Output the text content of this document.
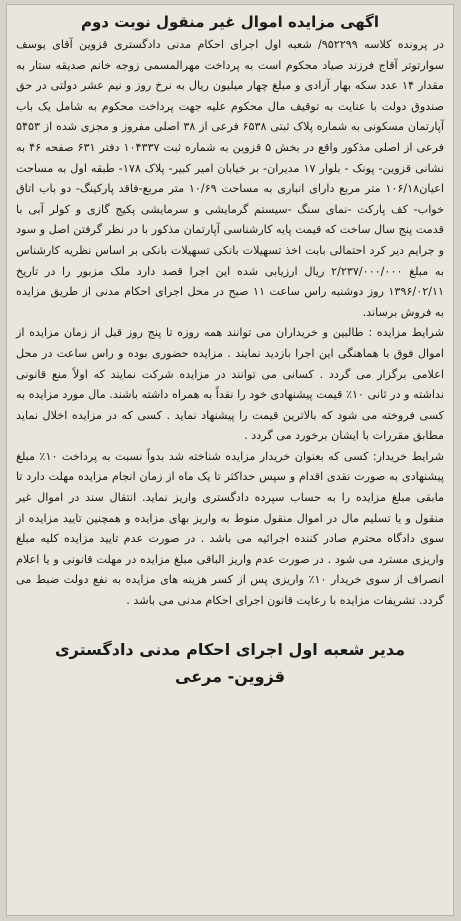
اگهی مزایده اموال غیر منقول نوبت دوم

در پرونده کلاسه ۹۵۲۲۹۹/ شعبه اول اجرای احکام مدنی دادگستری قزوین آقای یوسف سوارتوتر آقاج فرزند صیاد محکوم است به پرداخت مهرالمسمی زوجه خانم صدیقه ستار به مقدار ۱۴ عدد سکه بهار آزادی و مبلغ چهار میلیون ریال به نرخ روز و نیم عشر دولتی در حق صندوق دولت با عنایت به توقیف مال محکوم علیه جهت پرداخت محکوم به شامل یک باب آپارتمان مسکونی به شماره پلاک ثبتی ۶۵۳۸ فرعی از ۳۸ اصلی مفروز و مجزی شده از ۵۴۵۳ فرعی از اصلی مذکور واقع در بخش ۵ قزوین به شماره ثبت ۱۰۴۳۳۷ دفتر ۶۳۱ صفحه ۴۶ به نشانی قزوین- پونک - بلوار ۱۷ مدیران- بر خیابان امیر کبیر- پلاک ۱۷۸- طبقه اول به مساحت اعیان۱۰۶/۱۸ متر مربع دارای انباری به مساحت ۱۰/۶۹ متر مربع-فاقد پارکینگ- دو باب اتاق خواب- کف پارکت -نمای سنگ -سیستم گرمایشی و سرمایشی پکیج گازی و کولر آبی با قدمت پنج سال ساخت که قیمت پایه کارشناسی آپارتمان مذکور با در نظر گرفتن اصل و سود و جرایم دیر کرد احتمالی بابت اخذ تسهیلات بانکی تسهیلات بانکی بر اساس نظریه کارشناس به مبلغ ۲/۲۳۷/۰۰۰/۰۰۰ ریال ارزیابی شده این اجرا قصد دارد ملک مزبور را در تاریخ ۱۳۹۶/۰۲/۱۱ روز دوشنبه راس ساعت ۱۱ صبح در محل اجرای احکام مدنی از طریق مزایده به فروش برساند.

شرایط مزایده : طالبین و خریداران می توانند همه روزه تا پنج روز قبل از زمان مزایده از اموال فوق با هماهنگی این اجرا بازدید نمایند . مزایده حضوری بوده و راس ساعت در محل اعلامی برگزار می گردد . کسانی می توانند در مزایده شرکت نمایند که اولاً منع قانونی نداشته و در ثانی ۱۰٪ قیمت پیشنهادی خود را نقداً به همراه داشته باشند. مال مورد مزایده به کسی فروخته می شود که بالاترین قیمت را پیشنهاد نماید . کسی که در مزایده اخلال نماید مطابق مقررات با ایشان برخورد می گردد .

شرایط خریدار: کسی که بعنوان خریدار مزایده شناخته شد بدواً نسبت به پرداخت ۱۰٪ مبلغ پیشنهادی به صورت نقدی اقدام و سپس حداکثر تا یک ماه از زمان انجام مزایده مهلت دارد تا مابقی مبلغ مزایده را به حساب سپرده دادگستری واریز نماید. انتقال سند در اموال غیر منقول و یا تسلیم مال در اموال منقول منوط به واریز بهای مزایده و همچنین تایید مزایده از سوی دادگاه محترم صادر کننده اجرائیه می باشد . در صورت عدم تایید مزایده کلیه مبلغ واریزی مسترد می شود . در صورت عدم واریز الباقی مبلغ مزایده در مهلت قانونی و یا اعلام انصراف از سوی خریدار ۱۰٪ واریزی پس از کسر هزینه های مزایده به نفع دولت ضبط می گردد. تشریفات مزایده با رعایت قانون اجرای احکام مدنی می باشد .

مدیر شعبه اول اجرای احکام مدنی دادگستری
قزوین- مرعی
